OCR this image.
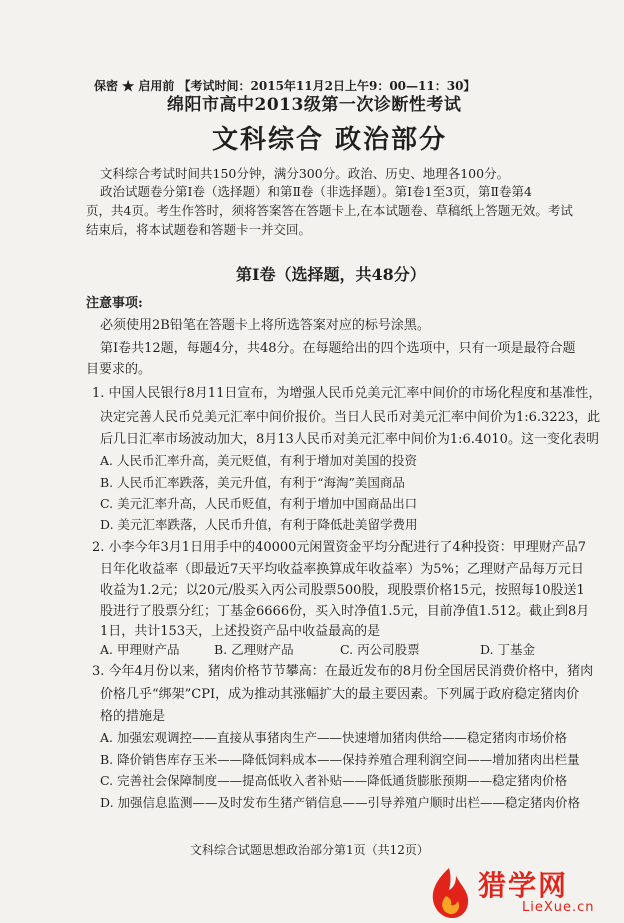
保密 ★ 启用前 【考试时间：2015年11月2日上午9：00—11：30】
绵阳市高中2013级第一次诊断性考试
文科综合 政治部分
文科综合考试时间共150分钟，满分300分。政治、历史、地理各100分。
政治试题卷分第Ⅰ卷（选择题）和第Ⅱ卷（非选择题）。第Ⅰ卷1至3页，第Ⅱ卷第4
页，共4页。考生作答时，须将答案答在答题卡上,在本试题卷、草稿纸上答题无效。考试
结束后，将本试题卷和答题卡一并交回。
第Ⅰ卷（选择题，共48分）
注意事项:
必须使用2B铅笔在答题卡上将所选答案对应的标号涂黑。
第Ⅰ卷共12题，每题4分，共48分。在每题给出的四个选项中，只有一项是最符合题
目要求的。
1. 中国人民银行8月11日宣布，为增强人民币兑美元汇率中间价的市场化程度和基准性，
决定完善人民币兑美元汇率中间价报价。当日人民币对美元汇率中间价为1:6.3223，此
后几日汇率市场波动加大，8月13人民币对美元汇率中间价为1:6.4010。这一变化表明
A. 人民币汇率升高，美元贬值，有利于增加对美国的投资
B. 人民币汇率跌落，美元升值，有利于“海淘”美国商品
C. 美元汇率升高，人民币贬值，有利于增加中国商品出口
D. 美元汇率跌落，人民币升值，有利于降低赴美留学费用
2. 小李今年3月1日用手中的40000元闲置资金平均分配进行了4种投资：甲理财产品7
日年化收益率（即最近7天平均收益率换算成年收益率）为5%；乙理财产品每万元日
收益为1.2元；以20元/股买入丙公司股票500股，现股票价格15元，按照每10股送1
股进行了股票分红；丁基金6666份，买入时净值1.5元，目前净值1.512。截止到8月
1日，共计153天，上述投资产品中收益最高的是
A. 甲理财产品	B. 乙理财产品	C. 丙公司股票	D. 丁基金
3. 今年4月份以来，猪肉价格节节攀高：在最近发布的8月份全国居民消费价格中，猪肉
价格几乎“绑架”CPI，成为推动其涨幅扩大的最主要因素。下列属于政府稳定猪肉价
格的措施是
A. 加强宏观调控——直接从事猪肉生产——快速增加猪肉供给——稳定猪肉市场价格
B. 降价销售库存玉米——降低饲料成本——保持养殖合理利润空间——增加猪肉出栏量
C. 完善社会保障制度——提高低收入者补贴——降低通货膨胀预期——稳定猪肉价格
D. 加强信息监测——及时发布生猪产销信息——引导养殖户顺时出栏——稳定猪肉价格
文科综合试题思想政治部分第1页（共12页）
猎学网
LieXue.cn
